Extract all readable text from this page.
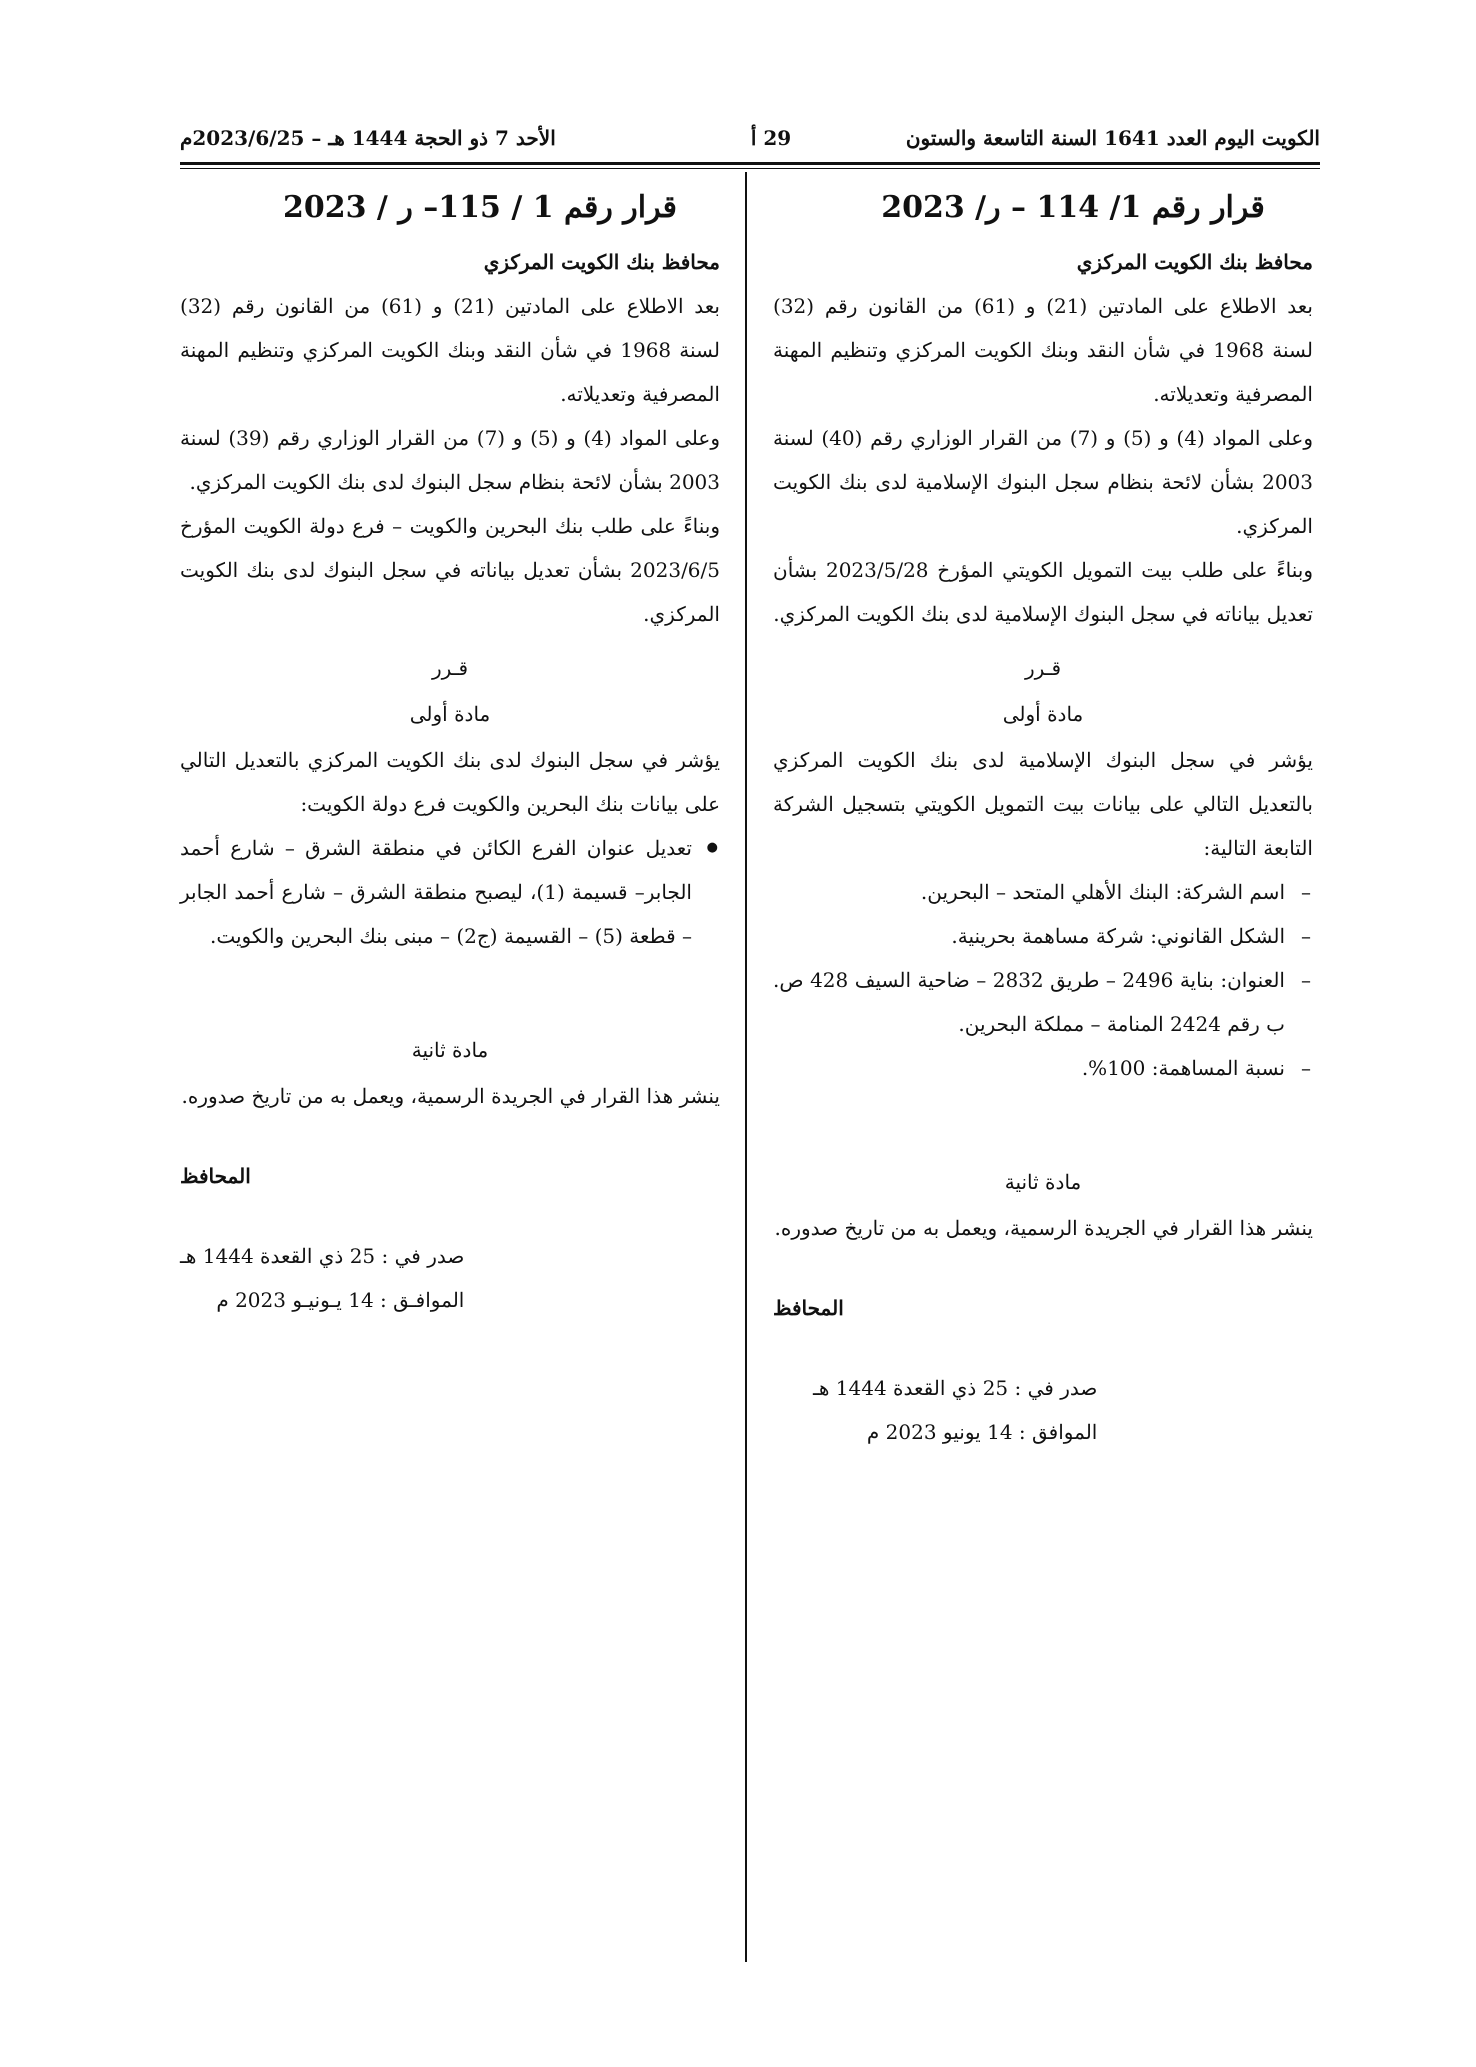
الكويت اليوم العدد 1641 السنة التاسعة والستون
29 أ
الأحد 7 ذو الحجة 1444 هـ – 2023/6/25م
قرار رقم 1/ 114 – ر/ 2023

محافظ بنك الكويت المركزي

بعد الاطلاع على المادتين (21) و (61) من القانون رقم (32) لسنة 1968 في شأن النقد وبنك الكويت المركزي وتنظيم المهنة المصرفية وتعديلاته.

وعلى المواد (4) و (5) و (7) من القرار الوزاري رقم (40) لسنة 2003 بشأن لائحة بنظام سجل البنوك الإسلامية لدى بنك الكويت المركزي.

وبناءً على طلب بيت التمويل الكويتي المؤرخ 2023/5/28 بشأن تعديل بياناته في سجل البنوك الإسلامية لدى بنك الكويت المركزي.

قـرر
مادة أولى

يؤشر في سجل البنوك الإسلامية لدى بنك الكويت المركزي بالتعديل التالي على بيانات بيت التمويل الكويتي بتسجيل الشركة التابعة التالية:

– اسم الشركة: البنك الأهلي المتحد – البحرين.
– الشكل القانوني: شركة مساهمة بحرينية.
– العنوان: بناية 2496 – طريق 2832 – ضاحية السيف 428 ص. ب رقم 2424 المنامة – مملكة البحرين.
– نسبة المساهمة: 100%.
مادة ثانية

ينشر هذا القرار في الجريدة الرسمية، ويعمل به من تاريخ صدوره.

المحافظ

صدر في : 25 ذي القعدة 1444 هـ
الموافق : 14 يونيو 2023 م
قرار رقم 1 / 115– ر / 2023

محافظ بنك الكويت المركزي

بعد الاطلاع على المادتين (21) و (61) من القانون رقم (32) لسنة 1968 في شأن النقد وبنك الكويت المركزي وتنظيم المهنة المصرفية وتعديلاته.

وعلى المواد (4) و (5) و (7) من القرار الوزاري رقم (39) لسنة 2003 بشأن لائحة بنظام سجل البنوك لدى بنك الكويت المركزي.

وبناءً على طلب بنك البحرين والكويت – فرع دولة الكويت المؤرخ 2023/6/5 بشأن تعديل بياناته في سجل البنوك لدى بنك الكويت المركزي.

قـرر
مادة أولى

يؤشر في سجل البنوك لدى بنك الكويت المركزي بالتعديل التالي على بيانات بنك البحرين والكويت فرع دولة الكويت:

● تعديل عنوان الفرع الكائن في منطقة الشرق – شارع أحمد الجابر– قسيمة (1)، ليصبح منطقة الشرق – شارع أحمد الجابر – قطعة (5) – القسيمة (ج2) – مبنى بنك البحرين والكويت.
مادة ثانية

ينشر هذا القرار في الجريدة الرسمية، ويعمل به من تاريخ صدوره.

المحافظ

صدر في : 25 ذي القعدة 1444 هـ
الموافـق : 14 يـونيـو 2023 م
